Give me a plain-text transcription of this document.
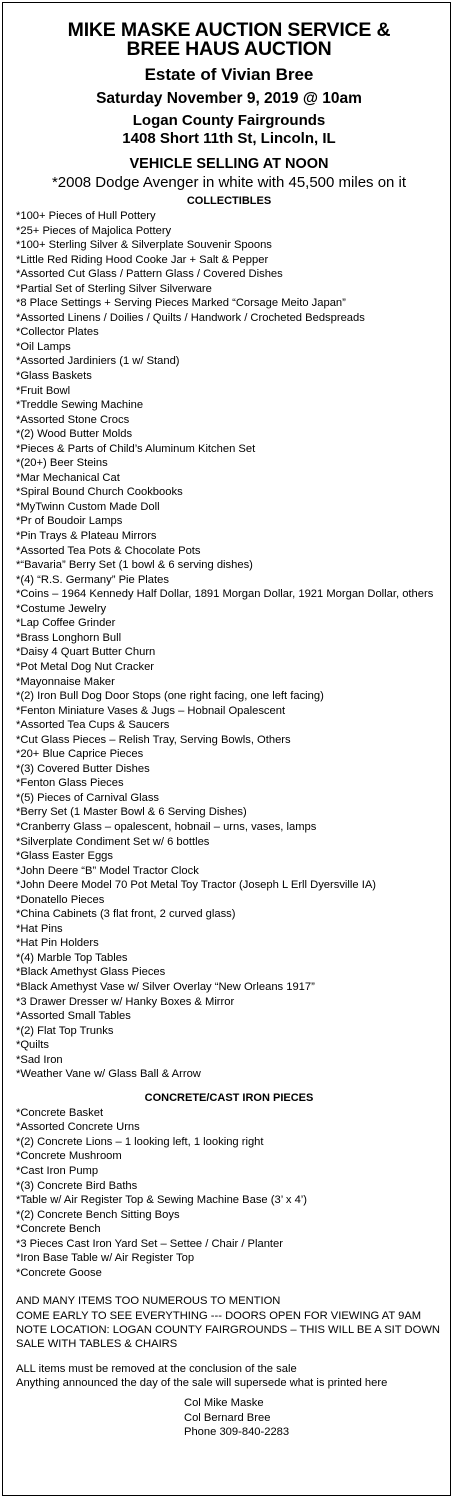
MIKE MASKE AUCTION SERVICE &
BREE HAUS AUCTION
Estate of Vivian Bree
Saturday November 9, 2019 @ 10am
Logan County Fairgrounds
1408 Short 11th St, Lincoln, IL
VEHICLE SELLING AT NOON
*2008 Dodge Avenger in white with 45,500 miles on it
COLLECTIBLES
*100+ Pieces of Hull Pottery
*25+ Pieces of Majolica Pottery
*100+ Sterling Silver & Silverplate Souvenir Spoons
*Little Red Riding Hood Cooke Jar + Salt & Pepper
*Assorted Cut Glass / Pattern Glass / Covered Dishes
*Partial Set of Sterling Silver Silverware
*8 Place Settings + Serving Pieces Marked “Corsage Meito Japan”
*Assorted Linens / Doilies / Quilts / Handwork / Crocheted Bedspreads
*Collector Plates
*Oil Lamps
*Assorted Jardiniers (1 w/ Stand)
*Glass Baskets
*Fruit Bowl
*Treddle Sewing Machine
*Assorted Stone Crocs
*(2) Wood Butter Molds
*Pieces & Parts of Child’s Aluminum Kitchen Set
*(20+) Beer Steins
*Mar Mechanical Cat
*Spiral Bound Church Cookbooks
*MyTwinn Custom Made Doll
*Pr of Boudoir Lamps
*Pin Trays & Plateau Mirrors
*Assorted Tea Pots & Chocolate Pots
*“Bavaria” Berry Set (1 bowl & 6 serving dishes)
*(4) “R.S. Germany” Pie Plates
*Coins – 1964 Kennedy Half Dollar, 1891 Morgan Dollar, 1921 Morgan Dollar, others
*Costume Jewelry
*Lap Coffee Grinder
*Brass Longhorn Bull
*Daisy 4 Quart Butter Churn
*Pot Metal Dog Nut Cracker
*Mayonnaise Maker
*(2) Iron Bull Dog Door Stops (one right facing, one left facing)
*Fenton Miniature Vases & Jugs – Hobnail Opalescent
*Assorted Tea Cups & Saucers
*Cut Glass Pieces – Relish Tray, Serving Bowls, Others
*20+ Blue Caprice Pieces
*(3) Covered Butter Dishes
*Fenton Glass Pieces
*(5) Pieces of Carnival Glass
*Berry Set (1 Master Bowl & 6 Serving Dishes)
*Cranberry Glass – opalescent, hobnail – urns, vases, lamps
*Silverplate Condiment Set w/ 6 bottles
*Glass Easter Eggs
*John Deere “B” Model Tractor Clock
*John Deere Model 70 Pot Metal Toy Tractor (Joseph L Erll Dyersville IA)
*Donatello Pieces
*China Cabinets (3 flat front, 2 curved glass)
*Hat Pins
*Hat Pin Holders
*(4) Marble Top Tables
*Black Amethyst Glass Pieces
*Black Amethyst Vase w/ Silver Overlay “New Orleans 1917”
*3 Drawer Dresser w/ Hanky Boxes & Mirror
*Assorted Small Tables
*(2) Flat Top Trunks
*Quilts
*Sad Iron
*Weather Vane w/ Glass Ball & Arrow
CONCRETE/CAST IRON PIECES
*Concrete Basket
*Assorted Concrete Urns
*(2) Concrete Lions – 1 looking left, 1 looking right
*Concrete Mushroom
*Cast Iron Pump
*(3) Concrete Bird Baths
*Table w/ Air Register Top & Sewing Machine Base (3’ x 4’)
*(2) Concrete Bench Sitting Boys
*Concrete Bench
*3 Pieces Cast Iron Yard Set – Settee / Chair / Planter
*Iron Base Table w/ Air Register Top
*Concrete Goose
AND MANY ITEMS TOO NUMEROUS TO MENTION
COME EARLY TO SEE EVERYTHING --- DOORS OPEN FOR VIEWING AT 9AM
NOTE LOCATION: LOGAN COUNTY FAIRGROUNDS – THIS WILL BE A SIT DOWN SALE WITH TABLES & CHAIRS
ALL items must be removed at the conclusion of the sale
Anything announced the day of the sale will supersede what is printed here
Col Mike Maske
Col Bernard Bree
Phone 309-840-2283
